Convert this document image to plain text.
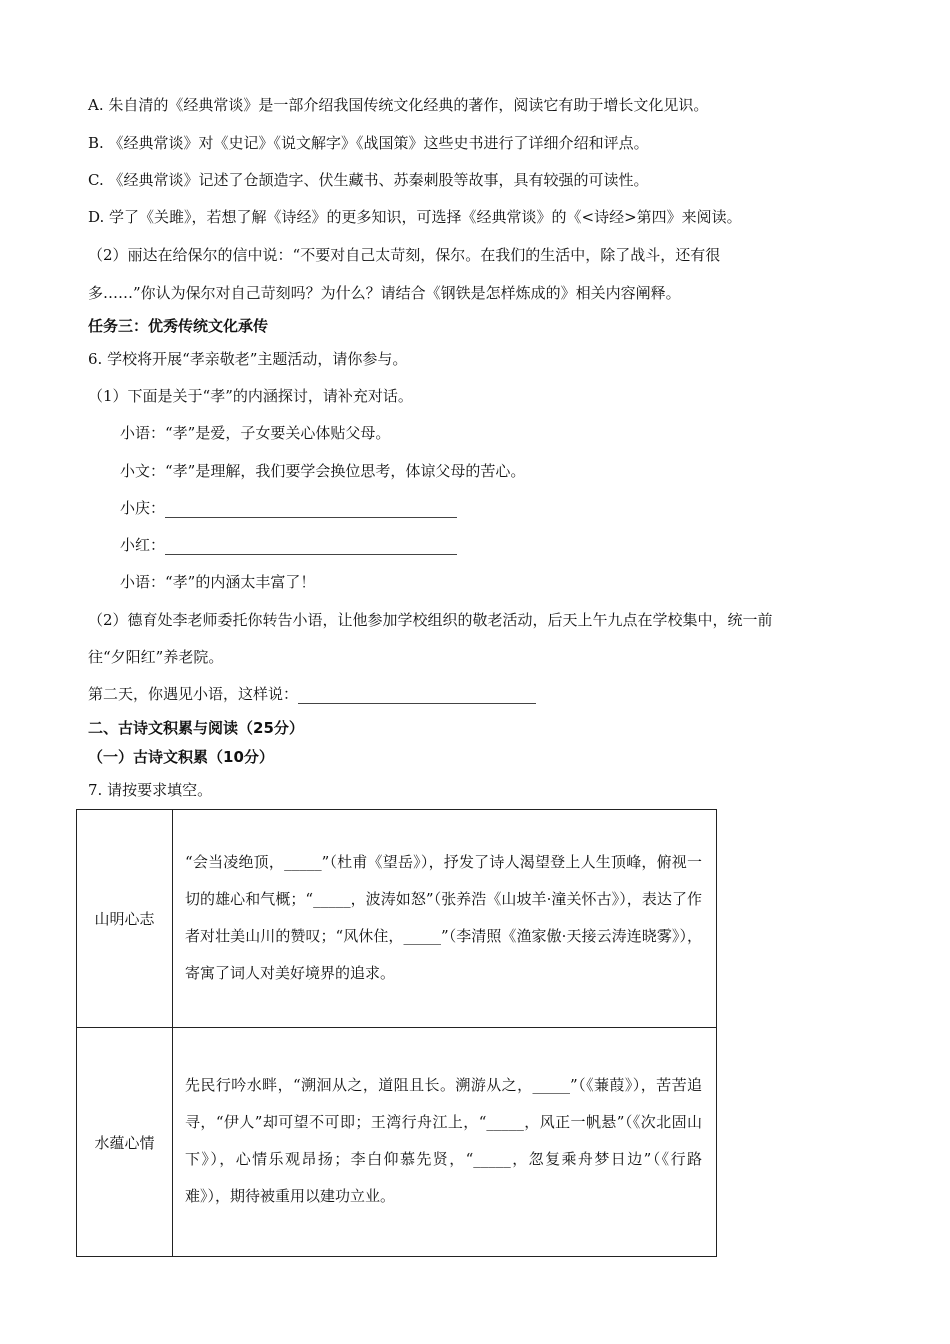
A. 朱自清的《经典常谈》是一部介绍我国传统文化经典的著作，阅读它有助于增长文化见识。
B. 《经典常谈》对《史记》《说文解字》《战国策》这些史书进行了详细介绍和评点。
C. 《经典常谈》记述了仓颉造字、伏生藏书、苏秦刺股等故事，具有较强的可读性。
D. 学了《关雎》，若想了解《诗经》的更多知识，可选择《经典常谈》的《<诗经>第四》来阅读。
（2）丽达在给保尔的信中说：“不要对自己太苛刻，保尔。在我们的生活中，除了战斗，还有很
多……”你认为保尔对自己苛刻吗？为什么？请结合《钢铁是怎样炼成的》相关内容阐释。
任务三：优秀传统文化承传
6. 学校将开展“孝亲敬老”主题活动，请你参与。
（1）下面是关于“孝”的内涵探讨，请补充对话。
小语：“孝”是爱，子女要关心体贴父母。
小文：“孝”是理解，我们要学会换位思考，体谅父母的苦心。
小庆：
小红：
小语：“孝”的内涵太丰富了！
（2）德育处李老师委托你转告小语，让他参加学校组织的敬老活动，后天上午九点在学校集中，统一前
往“夕阳红”养老院。
第二天，你遇见小语，这样说：
二、古诗文积累与阅读（25分）
（一）古诗文积累（10分）
7. 请按要求填空。
山明心志	“会当凌绝顶，_____”（杜甫《望岳》），抒发了诗人渴望登上人生顶峰，俯视一切的雄心和气概；“_____，波涛如怒”（张养浩《山坡羊·潼关怀古》），表达了作者对壮美山川的赞叹；“风休住，_____”（李清照《渔家傲·天接云涛连晓雾》），寄寓了词人对美好境界的追求。
水蕴心情	先民行吟水畔，“溯洄从之，道阻且长。溯游从之，_____”（《蒹葭》），苦苦追寻，“伊人”却可望不可即；王湾行舟江上，“_____，风正一帆悬”（《次北固山下》），心情乐观昂扬；李白仰慕先贤，“_____，忽复乘舟梦日边”（《行路难》），期待被重用以建功立业。
